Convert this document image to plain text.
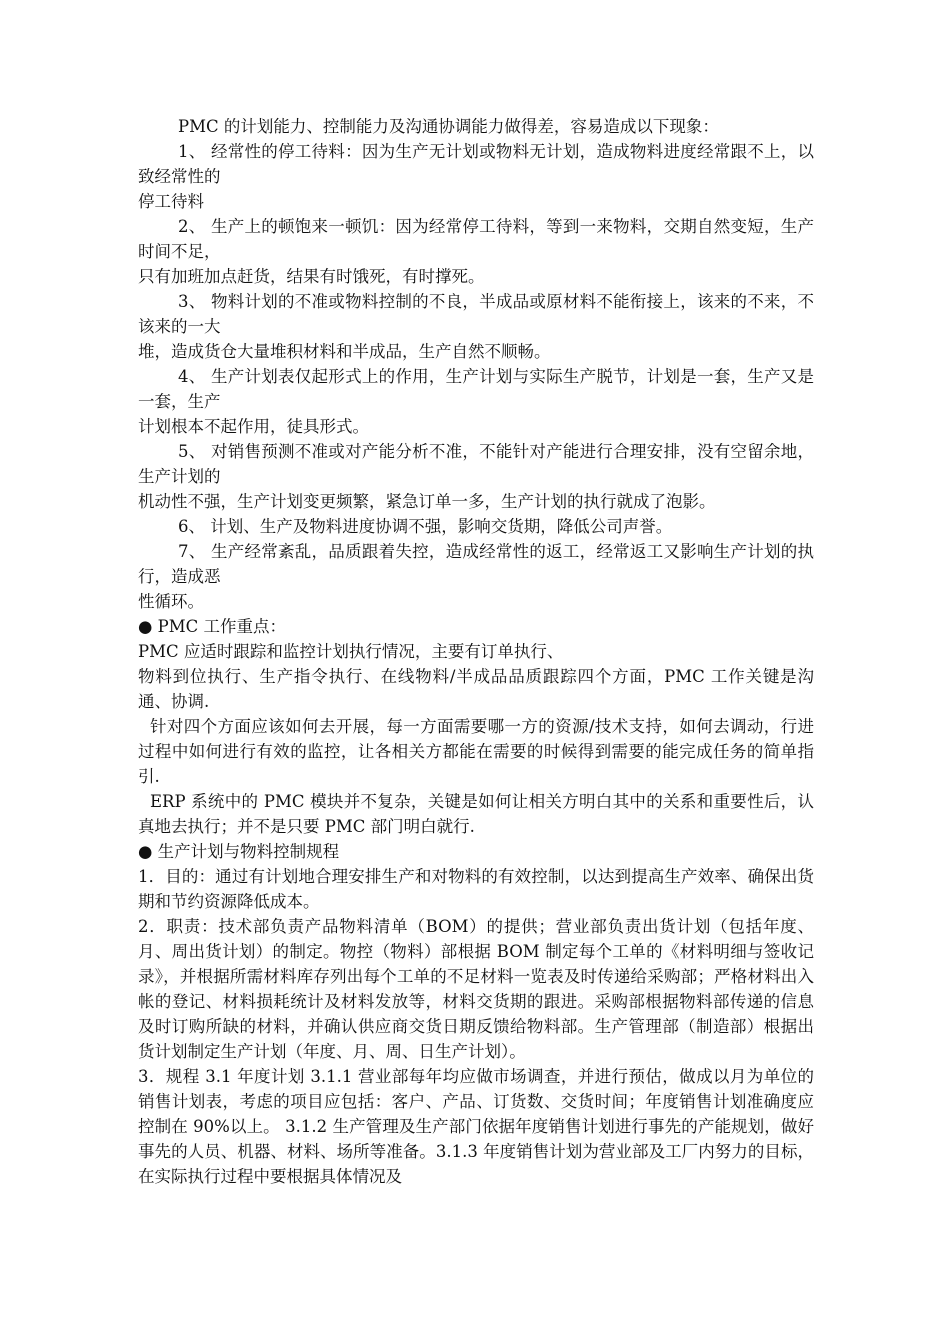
PMC 的计划能力、控制能力及沟通协调能力做得差，容易造成以下现象：

1、 经常性的停工待料：因为生产无计划或物料无计划，造成物料进度经常跟不上，以致经常性的

停工待料

2、 生产上的顿饱来一顿饥：因为经常停工待料，等到一来物料，交期自然变短，生产时间不足，

只有加班加点赶货，结果有时饿死，有时撑死。

3、 物料计划的不准或物料控制的不良，半成品或原材料不能衔接上，该来的不来，不该来的一大

堆，造成货仓大量堆积材料和半成品，生产自然不顺畅。

4、 生产计划表仅起形式上的作用，生产计划与实际生产脱节，计划是一套，生产又是一套，生产

计划根本不起作用，徒具形式。

5、 对销售预测不准或对产能分析不准，不能针对产能进行合理安排，没有空留余地，生产计划的

机动性不强，生产计划变更频繁，紧急订单一多，生产计划的执行就成了泡影。

6、 计划、生产及物料进度协调不强，影响交货期，降低公司声誉。

7、 生产经常紊乱，品质跟着失控，造成经常性的返工，经常返工又影响生产计划的执行，造成恶

性循环。

● PMC 工作重点：

PMC 应适时跟踪和监控计划执行情况，主要有订单执行、

物料到位执行、生产指令执行、在线物料/半成品品质跟踪四个方面，PMC 工作关键是沟通、协调.

针对四个方面应该如何去开展，每一方面需要哪一方的资源/技术支持，如何去调动，行进过程中如何进行有效的监控，让各相关方都能在需要的时候得到需要的能完成任务的简单指引.

ERP 系统中的 PMC 模块并不复杂，关键是如何让相关方明白其中的关系和重要性后，认真地去执行；并不是只要 PMC 部门明白就行.

● 生产计划与物料控制规程

1．目的：通过有计划地合理安排生产和对物料的有效控制，以达到提高生产效率、确保出货期和节约资源降低成本。

2．职责：技术部负责产品物料清单（BOM）的提供；营业部负责出货计划（包括年度、月、周出货计划）的制定。物控（物料）部根据 BOM 制定每个工单的《材料明细与签收记录》，并根据所需材料库存列出每个工单的不足材料一览表及时传递给采购部；严格材料出入帐的登记、材料损耗统计及材料发放等，材料交货期的跟进。采购部根据物料部传递的信息及时订购所缺的材料，并确认供应商交货日期反馈给物料部。生产管理部（制造部）根据出货计划制定生产计划（年度、月、周、日生产计划）。

3．规程 3.1 年度计划 3.1.1 营业部每年均应做市场调查，并进行预估，做成以月为单位的销售计划表，考虑的项目应包括：客户、产品、订货数、交货时间；年度销售计划准确度应控制在 90%以上。 3.1.2 生产管理及生产部门依据年度销售计划进行事先的产能规划，做好事先的人员、机器、材料、场所等准备。3.1.3 年度销售计划为营业部及工厂内努力的目标，在实际执行过程中要根据具体情况及
